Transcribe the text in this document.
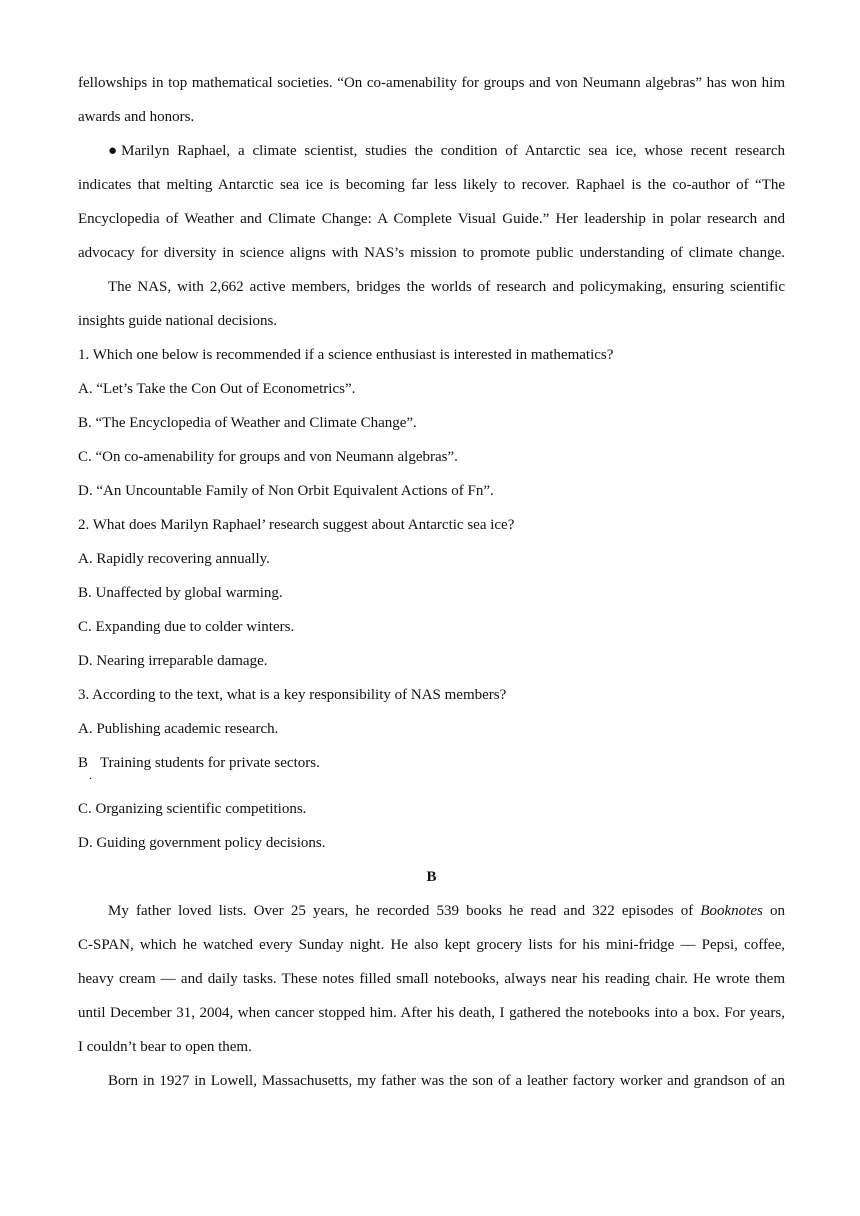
fellowships in top mathematical societies. “On co-amenability for groups and von Neumann algebras” has won him
awards and honors.
●Marilyn Raphael, a climate scientist, studies the condition of Antarctic sea ice, whose recent research
indicates that melting Antarctic sea ice is becoming far less likely to recover. Raphael is the co-author of “The
Encyclopedia of Weather and Climate Change: A Complete Visual Guide.” Her leadership in polar research and
advocacy for diversity in science aligns with NAS’s mission to promote public understanding of climate change.
The NAS, with 2,662 active members, bridges the worlds of research and policymaking, ensuring scientific
insights guide national decisions.
1. Which one below is recommended if a science enthusiast is interested in mathematics?
A. “Let’s Take the Con Out of Econometrics”.
B. “The Encyclopedia of Weather and Climate Change”.
C. “On co-amenability for groups and von Neumann algebras”.
D. “An Uncountable Family of Non Orbit Equivalent Actions of Fn”.
2. What does Marilyn Raphael’ research suggest about Antarctic sea ice?
A. Rapidly recovering annually.
B. Unaffected by global warming.
C. Expanding due to colder winters.
D. Nearing irreparable damage.
3. According to the text, what is a key responsibility of NAS members?
A. Publishing academic research.
B
.
Training students for private sectors.
C. Organizing scientific competitions.
D. Guiding government policy decisions.
B
My father loved lists. Over 25 years, he recorded 539 books he read and 322 episodes of Booknotes on
C-SPAN, which he watched every Sunday night. He also kept grocery lists for his mini-fridge — Pepsi, coffee,
heavy cream — and daily tasks. These notes filled small notebooks, always near his reading chair. He wrote them
until December 31, 2004, when cancer stopped him. After his death, I gathered the notebooks into a box. For years,
I couldn’t bear to open them.
Born in 1927 in Lowell, Massachusetts, my father was the son of a leather factory worker and grandson of an
